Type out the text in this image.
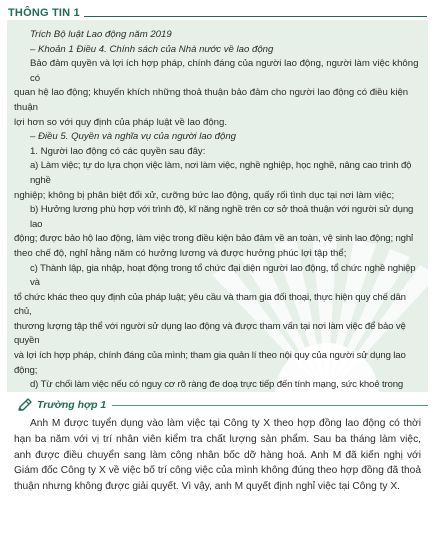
THÔNG TIN 1

Trích Bộ luật Lao động năm 2019

– Khoản 1 Điều 4. Chính sách của Nhà nước về lao động

Bảo đảm quyền và lợi ích hợp pháp, chính đáng của người lao động, người làm việc không có

quan hệ lao động; khuyến khích những thoả thuận bảo đảm cho người lao động có điều kiện thuận

lợi hơn so với quy định của pháp luật về lao động.

– Điều 5. Quyền và nghĩa vụ của người lao động

1. Người lao động có các quyền sau đây:

a) Làm việc; tự do lựa chọn việc làm, nơi làm việc, nghề nghiệp, học nghề, nâng cao trình độ nghề

nghiệp; không bị phân biệt đối xử, cưỡng bức lao động, quấy rối tình dục tại nơi làm việc;

b) Hưởng lương phù hợp với trình độ, kĩ năng nghề trên cơ sở thoả thuận với người sử dụng lao

động; được bảo hộ lao động, làm việc trong điều kiện bảo đảm về an toàn, vệ sinh lao động; nghỉ

theo chế độ, nghỉ hằng năm có hưởng lương và được hưởng phúc lợi tập thể;

c) Thành lập, gia nhập, hoạt động trong tổ chức đại diện người lao động, tổ chức nghề nghiệp và

tổ chức khác theo quy định của pháp luật; yêu cầu và tham gia đối thoại, thực hiện quy chế dân chủ,

thương lượng tập thể với người sử dụng lao động và được tham vấn tại nơi làm việc để bảo vệ quyền

và lợi ích hợp pháp, chính đáng của mình; tham gia quản lí theo nội quy của người sử dụng lao động;

d) Từ chối làm việc nếu có nguy cơ rõ ràng đe doạ trực tiếp đến tính mạng, sức khoẻ trong

Trường hợp 1

Anh M được tuyển dụng vào làm việc tại Công ty X theo hợp đồng lao động có thời hạn ba năm với vị trí nhân viên kiểm tra chất lượng sản phẩm. Sau ba tháng làm việc, anh được điều chuyển sang làm công nhân bốc dỡ hàng hoá. Anh M đã kiến nghị với Giám đốc Công ty X về việc bố trí công việc của mình không đúng theo hợp đồng đã thoả thuận nhưng không được giải quyết. Vì vậy, anh M quyết định nghỉ việc tại Công ty X.
